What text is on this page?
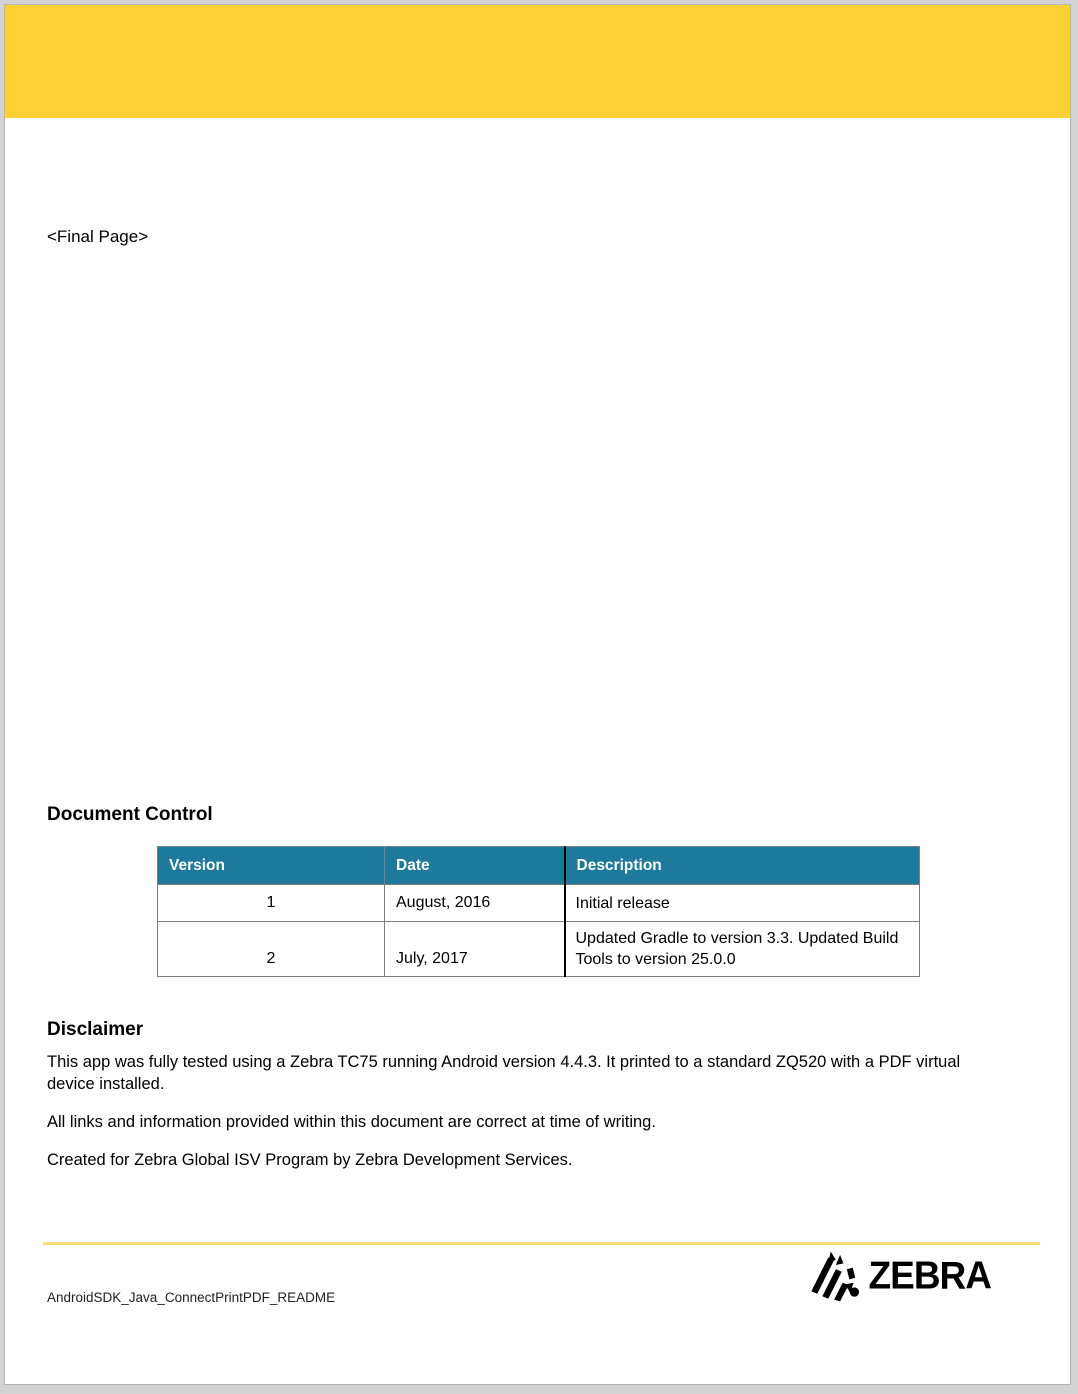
<Final Page>
Document Control
Version	Date	Description
1	August, 2016	Initial release
2	July, 2017	Updated Gradle to version 3.3. Updated Build Tools to version 25.0.0
Disclaimer

This app was fully tested using a Zebra TC75 running Android version 4.4.3. It printed to a standard ZQ520 with a PDF virtual device installed.

All links and information provided within this document are correct at time of writing.

Created for Zebra Global ISV Program by Zebra Development Services.

AndroidSDK_Java_ConnectPrintPDF_README
ZEBRA
